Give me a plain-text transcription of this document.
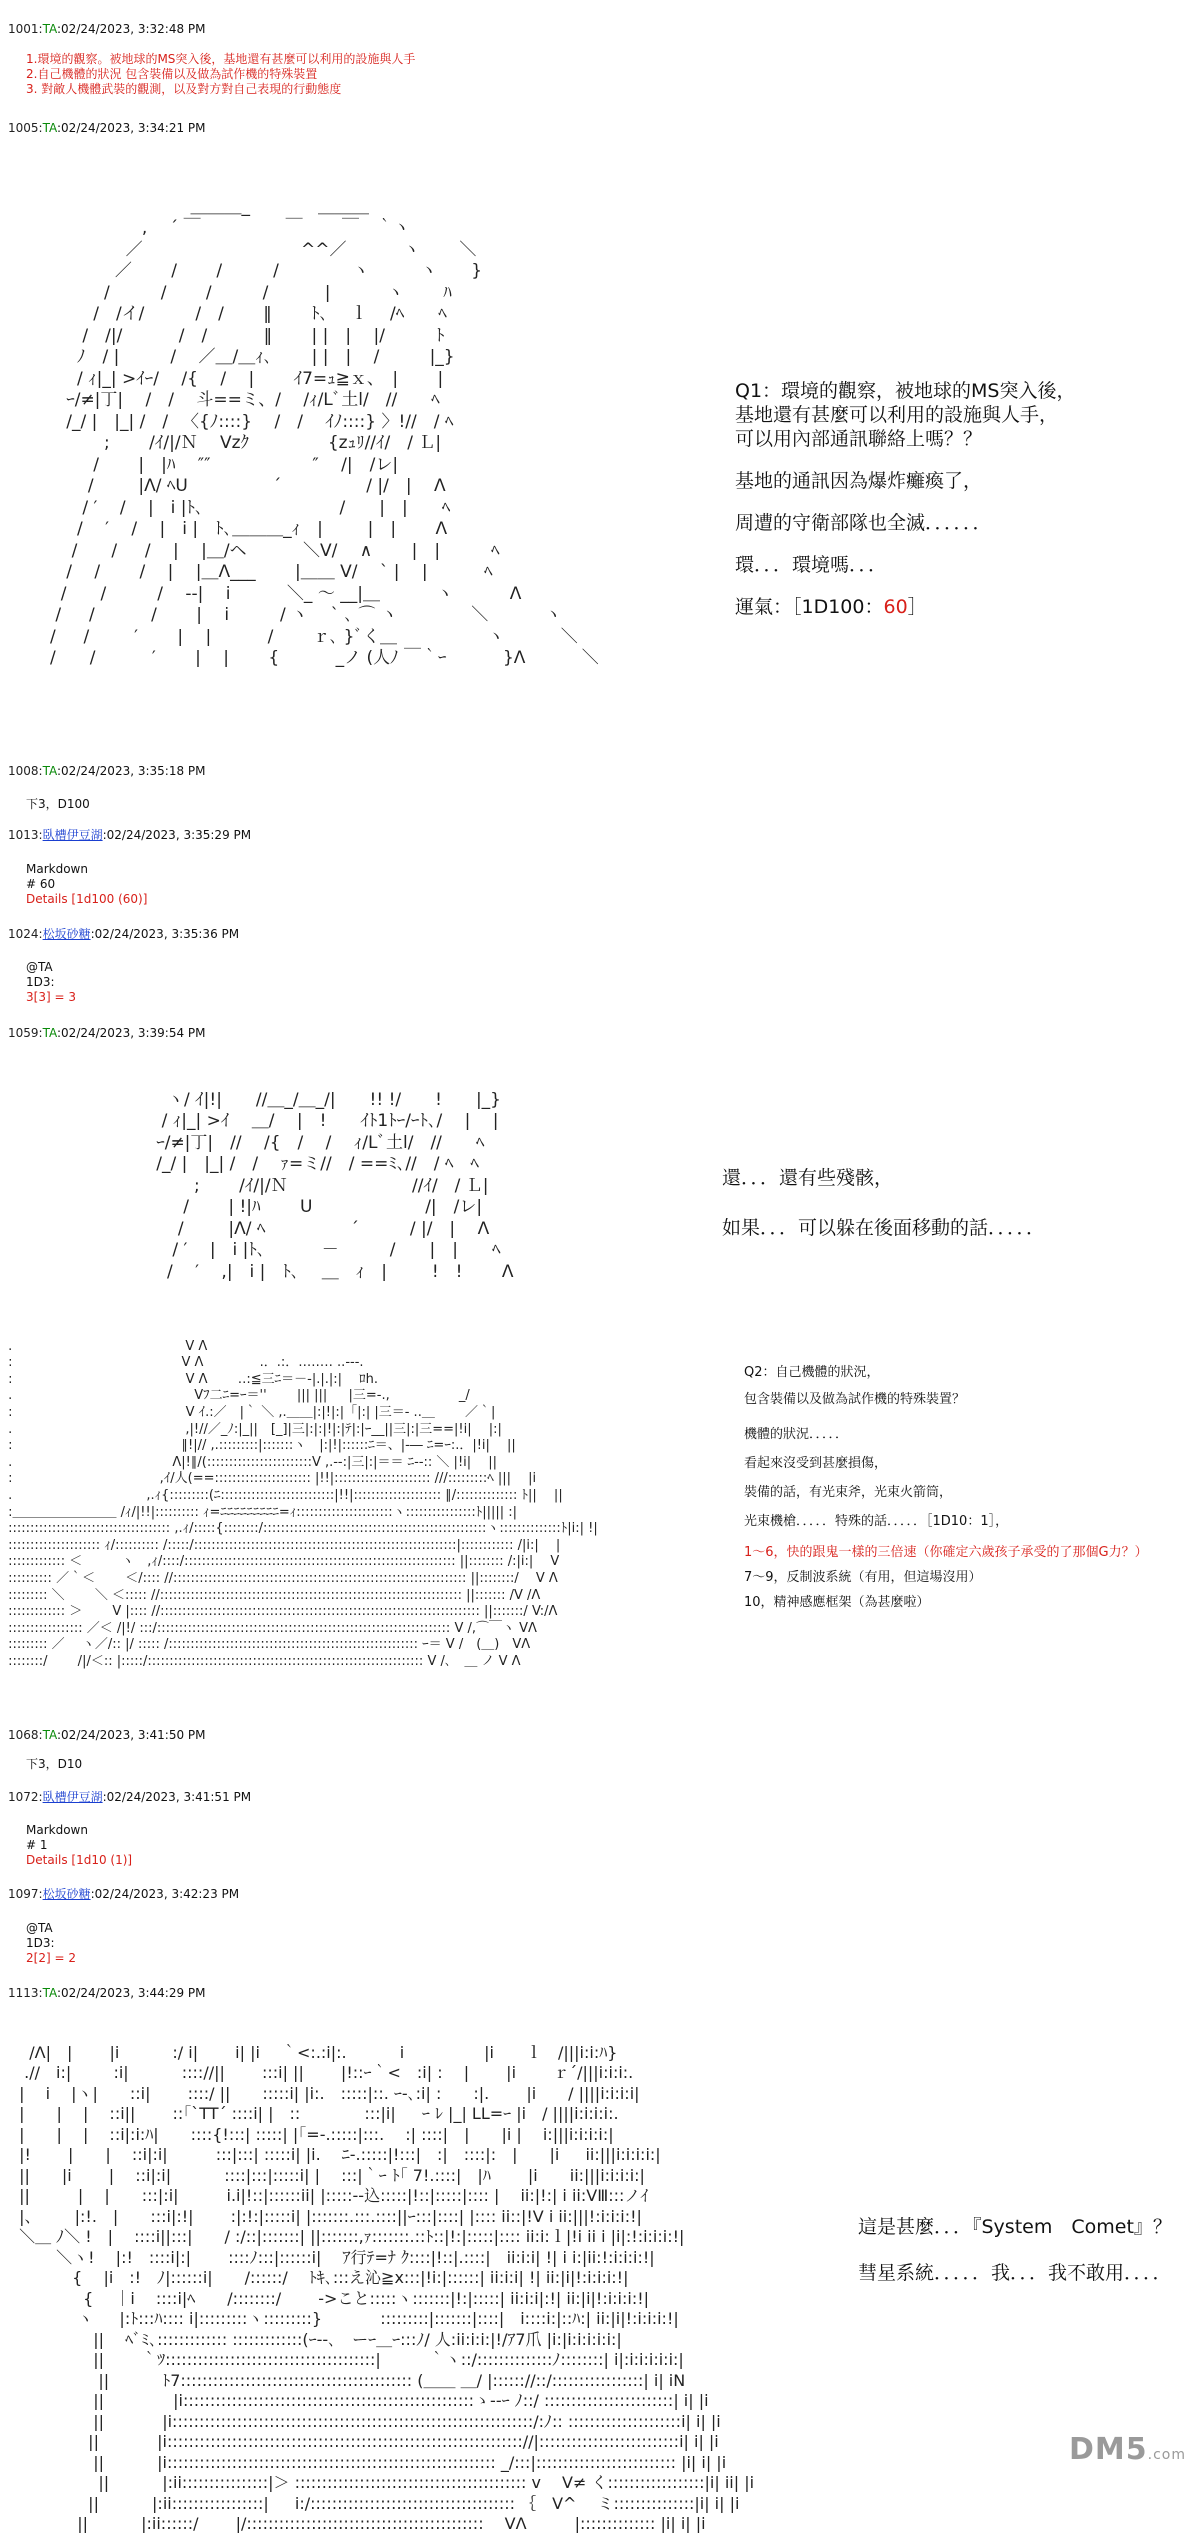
1001:TA:02/24/2023, 3:32:48 PM
1.環境的觀察。被地球的MS突入後，基地還有甚麼可以利用的設施與人手
2.自己機體的狀況 包含裝備以及做為試作機的特殊裝置
3. 對敵人機體武裝的觀測，以及對方對自己表現的行動態度
1005:TA:02/24/2023, 3:34:21 PM

＿＿＿_　　　　＿＿＿
,　 ´ ￣　　　　　￣　　 ￣　｀ヽ
／　　　　 　　　　　^^／ 　　　ヽ　 　＼
／　　 /　　 /　　　/ 　　　　ヽ　　　ヽ　　}
/　　　/ 　　/　　　/　　　 |　　　 ヽ　　 ﾊ
/　/イ/　　　/　/　　 ‖　　 ﾄ､　 ｌ　 /ﾍ　　ﾍ
/　/|/ 　　　/　/ 　　　‖　　 | |　| 　|/　　　ﾄ
ﾉ　/ |　　　/　 ／＿/＿ｨ､　　 | |　| 　/ 　 　 |_}
/ ｨ|_| >ｲｰ/　 /{ 　/ 　|　　 ｲ7=ｭ≧ｘ、　| 　　|
ｰ/≠|丁|　 /　/ 　斗==ミ、/　 /ｨ/Lﾞ土l/　//　　ﾍ
/_/ |　|_| /　/ 　〈{ﾉ::::}　 /　/ 　ｲﾉ::::} 〉!//　/ ﾍ
;　　 /ｲ/|/Ｎ　 Vzｸ 　　　　 {zｭﾘ//ｲ/　/ Ｌ|
/　　 |　|ﾊ　 ″″　　　　　　″　 /|　/レ|
/ 　　 |Λ/ ﾍU　　　　　´　　　　　/ |/　|　 Λ
/ ′　 /　 |　i |ﾄ､　　　　　　　　/　　|　|　　ﾍ
/　 ′　 /　 |　i |　ﾄ､＿＿＿_ｨ　| 　　 |　|　　 Λ
/　　/ 　 /　 |　 |＿/ヘ　　　 ＼V/　 ∧ 　　|　|　　　ﾍ
/　 /　 　/　 |　 |＿Λ___ 　　|＿＿ V/　 ` |　 |　　　 ﾍ
/　　/　　　/ 　--|　 i　　　 ＼_ ～ __|＿ 　　　ヽ　 　　Λ
/ 　 /　　　 /　　 |　 i　　　/ ヽ 　` ､ ⌒ ヽ　　　　 ＼　　　 ヽ
/ 　 /　 　 ′　　 |　 |　　　 /　　 ｒ､ }ﾞく＿　　　　　 ヽ　　　 ＼
/　　/　　　 ′　 　|　 |　　 {　　　 _ノ (人ﾉ ￣｀ｰ 　　　}Λ　　　 ＼

Q1：環境的觀察，被地球的MS突入後，
基地還有甚麼可以利用的設施與人手，
可以用內部通訊聯絡上嗎？？
基地的通訊因為爆炸癱瘓了，
周遭的守衛部隊也全滅．．．．．．
環．．．環境嗎．．．
運氣：［1D100：60］
1008:TA:02/24/2023, 3:35:18 PM
下3，D100
1013:臥槽伊豆湖:02/24/2023, 3:35:29 PM
Markdown
# 60
Details [1d100 (60)]
1024:松坂砂糖:02/24/2023, 3:35:36 PM
@TA
1D3:
3[3] = 3
1059:TA:02/24/2023, 3:39:54 PM

ヽ/ ｲ|!|　　//＿_/＿_/|　　!! !/　　!　　|_}
/ ｨ|_| >ｲ　 ＿/ 　|　!　　ｲﾄ1ﾄｰ/ｰﾄ､/　 |　 |
ｰ/≠|丁|　//　 /{　/ 　/ 　ｨ/Lﾞ土l/　//　　ﾍ
/_/ |　|_| /　/ 　ｧ=ミ//　/ ==ﾐ､//　/ ﾍ　ﾍ
;　　 /ｲ/|/Ｎ　　　　　　　 //ｲ/　/ Ｌ|
/　　 | !|ﾊ　　 U 　　　　　　 /|　/レ|
/ 　　 |Λ/ ﾍ　　　　　´　　　/ |/　|　 Λ
/ ′　 |　i |ﾄ､ 　　　－　　　/　　|　|　　ﾍ
/　 ′　 ,|　i |　ﾄ､　 ＿　ｨ　| 　　 !　!　　 Λ

還．．．還有些殘骸，
如果．．．可以躲在後面移動的話．．．．．

.　　　　　　　　　　　　　 V Λ
:　　　　　　　　　　　　　V Λ　　　　 .．.:．‥‥‥‥ ..-‐-.
:　　　　　　　　　　　　　 V Λ　　 ‥:≦三ﾆ＝－‐|.|.|:|　 ﾛh.
.　　　　　　　　　　　　　　Vﾌ二ﾆ=ｰ＝''　　 ||| ||| 　 |三=-.,　　　　　 _/
:　　　　　　　　　　　　　 V ｲ.:／　|｀ ＼ ,.＿＿|:|!|:|「|:| |三＝- ..＿　　 ／｀|
.　　　　　　　　　　　　　 ,|!//／_ﾉ:|_||　[_]|三|:|:|!|:|ﾃ|:|ｰ__||三|:|三==|!i|　 |:|
:　　　　　　　　　　　　　∥!|// ,.:::::::::|:::::::ヽ　|:|!|::::::ﾆ＝、|-― ﾆ=ｰ:.．|!i|　 ||
.　　　　　　　　　　　　 Λ|!∥/(::::::::::::::::::::::::V ,.--:|三|:|＝＝ ﾆ--:: ＼ |!i|　 ||
:　　　　　　　　　　　 ,ｲ/人(==:::::::::::::::::::::: |!!|:::::::::::::::::::::: ///:::::::::ﾍ ||| 　|i
.　　　　　　　　　　 ,.ｨ{:::::::::(ﾆ::::::::::::::::::::::::::|!!|:::::::::::::::::::: ∥/:::::::::::::: ﾄ||　 ||
:＿＿＿＿＿＿＿＿ /ｨ/|!!|:::::::::: ｨ=ﾆﾆﾆﾆﾆﾆﾆﾆﾆ=ｨ::::::::::::::::::::::ヽ::::::::::::::::ﾄ||||| :|
::::::::::::::::::::::::::::::::::::: ,.ｨ/:::::{::::::::/:::::::::::::::::::::::::::::::::::::::::::::::::::ヽ::::::::::::::ﾄ|i:| !|
::::::::::::::::::::: ｨ/:::::::::: /:::::/::::::::::::::::::::::::::::::::::::::::::::::::::::::::::::|:::::::::::: /|i:| 　|
::::::::::::: ＜　　　ヽ　,ｨ/::::/:::::::::::::::::::::::::::::::::::::::::::::::::::::::::::::: ||:::::::: /:|i:|　 V
:::::::::: ／｀＜　　 ＜/:::: //::::::::::::::::::::::::::::::::::::::::::::::::::::::::::::::::::: ||::::::::/ 　V Λ
::::::::: ＼　　 ＼ ＜::::: //::::::::::::::::::::::::::::::::::::::::::::::::::::::::::::::::::::: ||::::::: /V /Λ
::::::::::::: ＞ 　　V |:::: //::::::::::::::::::::::::::::::::::::::::::::::::::::::::::::::::::::::::: ||:::::::/ V:/Λ
::::::::::::::::: ／＜ /|!/ :::/::::::::::::::::::::::::::::::::::::::::::::::::::::::::::::::::::: V /,⌒￣ヽ VΛ
::::::::: ／　 ヽ／/:: |/ ::::: /::::::::::::::::::::::::::::::::::::::::::::::::::::::::: ｰ＝ V /　(＿)　VΛ
::::::::/ 　　/|/＜:: |:::::/::::::::::::::::::::::::::::::::::::::::::::::::::::::::::::::: V /､　＿ ノ V Λ

Q2：自己機體的狀況，
包含裝備以及做為試作機的特殊裝置？
機體的狀況．．．．．
看起來沒受到甚麼損傷，
裝備的話，有光束斧，光束火箭筒，
光束機槍．．．．．特殊的話．．．．．［1D10：1］，
1～6，快的跟鬼一樣的三倍速（你確定六歲孩子承受的了那個G力？）
7～9，反制波系統（有用，但這場沒用）
10，精神感應框架（為甚麼啦）
1068:TA:02/24/2023, 3:41:50 PM
下3，D10
1072:臥槽伊豆湖:02/24/2023, 3:41:51 PM
Markdown
# 1
Details [1d10 (1)]
1097:松坂砂糖:02/24/2023, 3:42:23 PM
@TA
1D3:
2[2] = 2
1113:TA:02/24/2023, 3:44:29 PM

/Λ|　|　　 |i 　　　:/ i|　　 i| |i 　｀<:.:i|:.　　　 i　　　　　|i　　ｌ　/|||i:i:ﾊ}
.//　i:| 　　 :i|　　　 :::://||　　 :::i| ||　　 |!::ｰ｀<　:i| :　 |　　 |i　　 ｒ´/|||i:i:i:.
|　 i 　|ヽ|　　::i|　　 ::::/ ||　　:::::i| |i:.　:::::|::. ｰ-､:i| :　　:|.　　 |i　　/ ||||i:i:i:i|
|　　|　 |　 ::i||　　 ::｢`TT´ ::::i| |　::　　　　:::|i| 　 ｰ ﾚ |_| LL=ｰ |i　/ ||||i:i:i:i:.
|　　|　 |　 ::i|:i:ﾊ|　　::::{!:::| :::::| |｢=-.:::::|:::.　 :| ::::|　|　　|i |　 i:|||i:i:i:i:|
|!　　 |　　|　 ::i|:i|　　　:::|:::| :::::i| |i.　 ﾆ-.:::::|!:::|　:|　::::|:　|　　|i 　 ii:|||i:i:i:i:|
||　　|i　　 |　 ::i|:i|　　　 ::::|:::|:::::i| |　 :::|｀ｰ ﾄ｢ 7!.::::|　|ﾊ　　 |i　　ii:|||i:i:i:i:|
||　　　|　 |　　:::|:i|　　　i.i|!::|::::::ii| |:::::-‐込:::::|!::|:::::|:::: |　 ii:|!:| i ii:VⅢ:::ノｲ
|、　 　 |:!.　|　　:::i|:!|　　 :|:!:|:::::i| |:::::::.:::.::::||ｰ:::|::::| |:::: ii::|!V i ii:|||!:i:i:i:!|
＼＿ ﾉ＼ !　|　 ::::i||:::|　　/ :/::|:::::::| ||:::::::,ｧ:::::::.::ﾄ::|!:|:::::|:::: ii:i:ｌ|!i ii i |i|:!:i:i:i:!|
　　 ＼ヽ!　 |:!　::::i|:| 　　::::ﾉ:::|::::::i|　 ｱ行ﾃ=ﾅ ｸ::::|!::|.::::|　ii:i:i| !| i i:|ii:!:i:i:i:!|
　 　　{ 　|i　:!　ﾉ|::::::i|　　/::::::/ 　ﾄｷ､:::え沁≧x:::|!i:|::::::| ii:i:i| !| ii:|i|!:i:i:i:!|
　　　　{　 ｜i　 ::::i|ﾍ　　/::::::::/ 　　->こと:::::ヽ:::::::|!:|:::::| ii:i:i|:!| ii:|i|!:i:i:i:!|
　　 　 ヽ 　 |:ﾄ:::ﾊ:::: i|:::::::::ヽ:::::::::} 　　　 :::::::::|:::::::|::::|　i::::i:|::ﾊ:| ii:|i|!:i:i:i:!|
　 　　　 ||　 ﾍﾞﾐ､::::::::::::: :::::::::::::(ｰ--､　ーｰ＿ｰ:::ﾉ/ 人:ii:i:i:|!/ｱ7爪 |i:|i:i:i:i:i:|
　　 　　 ||　　 ｀ﾂ:::::::::::::::::::::::::::::::::::::::|　　　｀ヽ::/::::::::::::::ﾉ::::::::| i|:i:i:i:i:i:|
　 　 　　 ||　　　 ﾄ7::::::::::::::::::::::::::::::::::::::::::: (＿＿ ＿/ |:::::://::/:::::::::::::::::| i| iN
　 　　　 ||　　　　 |i::::::::::::::::::::::::::::::::::::::::::::::::::::::ゝ--ｰ ﾉ::/ ::::::::::::::::::::::::| i| |i
　　 　　 ||　 　　 |i:::::::::::::::::::::::::::::::::::::::::::::::::::::::::::::::::::/:ﾉ:: :::::::::::::::::::::i| i| |i
　　　　 ||　　 　 |i:::::::::::::::::::::::::::::::::::::::::::::::::::::::::::::::::://|::::::::::::::::::::::::::i| i| |i
　 　　　 ||　　　 |i::::::::::::::::::::::::::::::::::::::::::::::::::::::::::::: _/:::|:::::::::::::::::::::::::: |i| i| |i
　 　 　　 ||　　　 |:ii::::::::::::::::|＞ ::::::::::::::::::::::::::::::::::::::::::: v 　V≠ く::::::::::::::::::|i| ii| |i
　　　　 ||　　　 |:ii:::::::::::::::::| 　 i:/:::::::::::::::::::::::::::::::::::::: ｛　V^　 ミ:::::::::::::::|i| i| |i
　 　　 ||　　　 |:ii::::::/　 　|/:::::::::::::::::::::::::::::::::::::::::::: 　VΛ　　　|:::::::::::::: |i| i| |i

這是甚麼．．．『System　Comet』？
彗星系統．．．．．我．．．我不敢用．．．．
DM5.com
